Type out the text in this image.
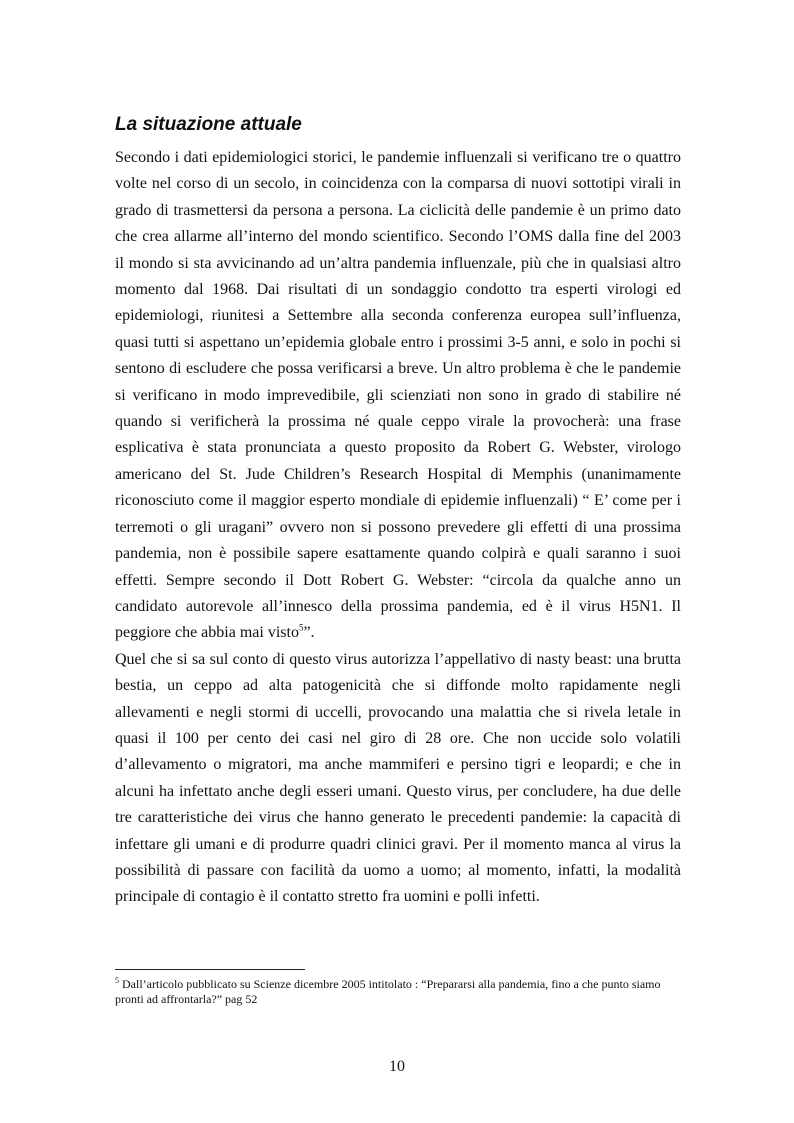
La situazione attuale

Secondo i dati epidemiologici storici, le pandemie influenzali si verificano tre o quattro volte nel corso di un secolo, in coincidenza con la comparsa di nuovi sottotipi virali in grado di trasmettersi da persona a persona. La ciclicità delle pandemie è un primo dato che crea allarme all’interno del mondo scientifico. Secondo l’OMS dalla fine del 2003 il mondo si sta avvicinando ad un’altra pandemia influenzale, più che in qualsiasi altro momento dal 1968. Dai risultati di un sondaggio condotto tra esperti virologi ed epidemiologi, riunitesi a Settembre alla seconda conferenza europea sull’influenza, quasi tutti si aspettano un’epidemia globale entro i prossimi 3-5 anni, e solo in pochi si sentono di escludere che possa verificarsi a breve. Un altro problema è che le pandemie si verificano in modo imprevedibile, gli scienziati non sono in grado di stabilire né quando si verificherà la prossima né quale ceppo virale la provocherà: una frase esplicativa è stata pronunciata a questo proposito da Robert G. Webster, virologo americano del St. Jude Children’s Research Hospital di Memphis (unanimamente riconosciuto come il maggior esperto mondiale di epidemie influenzali) “ E’ come per i terremoti o gli uragani” ovvero non si possono prevedere gli effetti di una prossima pandemia, non è possibile sapere esattamente quando colpirà e quali saranno i suoi effetti. Sempre secondo il Dott Robert G. Webster: “circola da qualche anno un candidato autorevole all’innesco della prossima pandemia, ed è il virus H5N1. Il peggiore che abbia mai visto$^5$”.

Quel che si sa sul conto di questo virus autorizza l’appellativo di nasty beast: una brutta bestia, un ceppo ad alta patogenicità che si diffonde molto rapidamente negli allevamenti e negli stormi di uccelli, provocando una malattia che si rivela letale in quasi il 100 per cento dei casi nel giro di 28 ore. Che non uccide solo volatili d’allevamento o migratori, ma anche mammiferi e persino tigri e leopardi; e che in alcuni ha infettato anche degli esseri umani. Questo virus, per concludere, ha due delle tre caratteristiche dei virus che hanno generato le precedenti pandemie: la capacità di infettare gli umani e di produrre quadri clinici gravi. Per il momento manca al virus la possibilità di passare con facilità da uomo a uomo; al momento, infatti, la modalità principale di contagio è il contatto stretto fra uomini e polli infetti.

$^5$ Dall’articolo pubblicato su Scienze dicembre 2005 intitolato : “Prepararsi alla pandemia, fino a che punto siamo pronti ad affrontarla?” pag 52

10
